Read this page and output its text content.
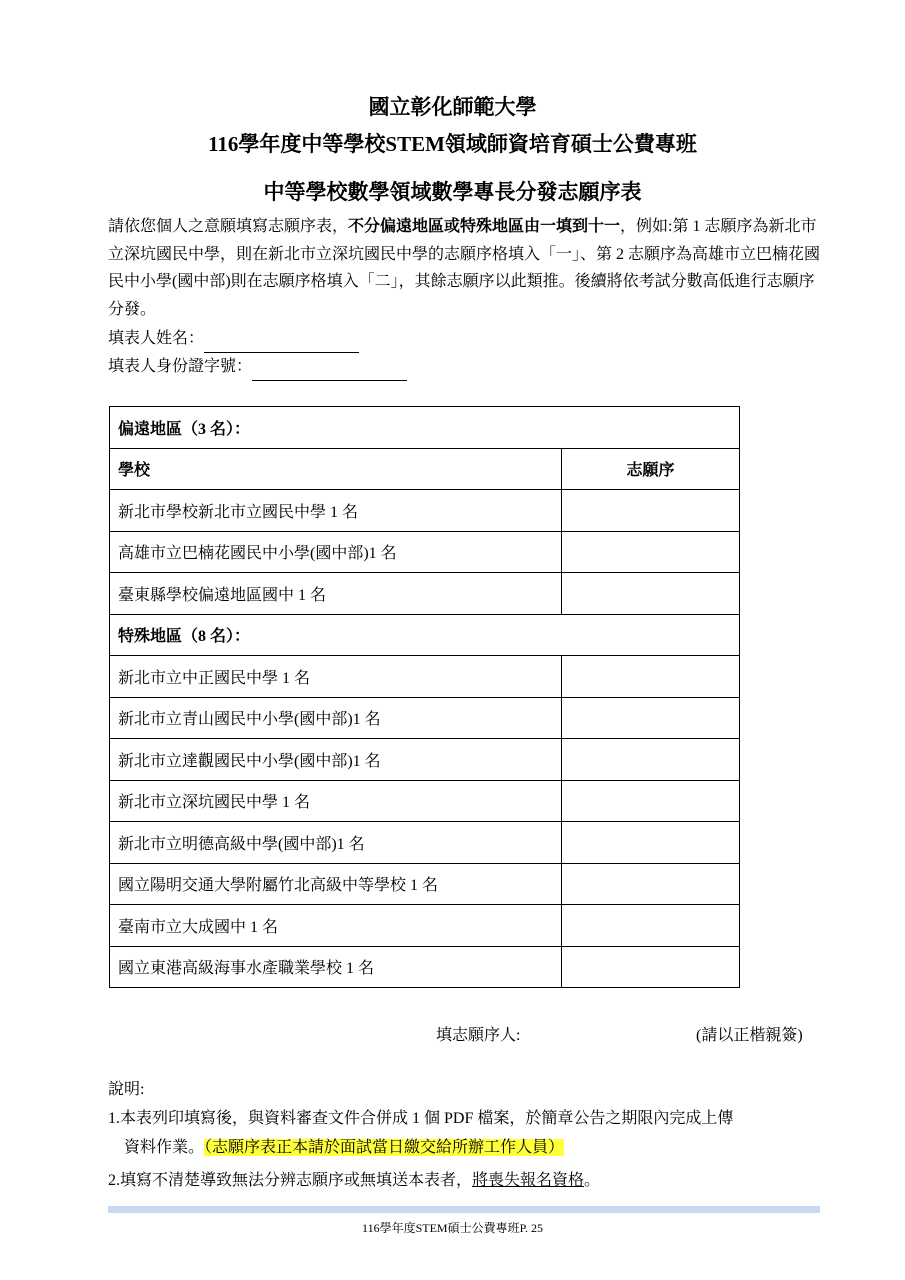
國立彰化師範大學
116學年度中等學校STEM領域師資培育碩士公費專班
中等學校數學領域數學專長分發志願序表
請依您個人之意願填寫志願序表，不分偏遠地區或特殊地區由一填到十一，例如:第 1 志願序為新北市立深坑國民中學，則在新北市立深坑國民中學的志願序格填入「一」、第 2 志願序為高雄市立巴楠花國民中小學(國中部)則在志願序格填入「二」，其餘志願序以此類推。後續將依考試分數高低進行志願序分發。
填表人姓名：
填表人身份證字號：
偏遠地區（3 名）：	
學校	志願序
新北市學校新北市立國民中學 1 名	
高雄市立巴楠花國民中小學(國中部)1 名	
臺東縣學校偏遠地區國中 1 名	
特殊地區（8 名）：	
新北市立中正國民中學 1 名	
新北市立青山國民中小學(國中部)1 名	
新北市立達觀國民中小學(國中部)1 名	
新北市立深坑國民中學 1 名	
新北市立明德高級中學(國中部)1 名	
國立陽明交通大學附屬竹北高級中等學校 1 名	
臺南市立大成國中 1 名	
國立東港高級海事水產職業學校 1 名	
填志願序人:	(請以正楷親簽)
說明:
1.本表列印填寫後，與資料審查文件合併成 1 個 PDF 檔案，於簡章公告之期限內完成上傳
資料作業。（志願序表正本請於面試當日繳交給所辦工作人員）
2.填寫不清楚導致無法分辨志願序或無填送本表者，將喪失報名資格。
116學年度STEM碩士公費專班P. 25
